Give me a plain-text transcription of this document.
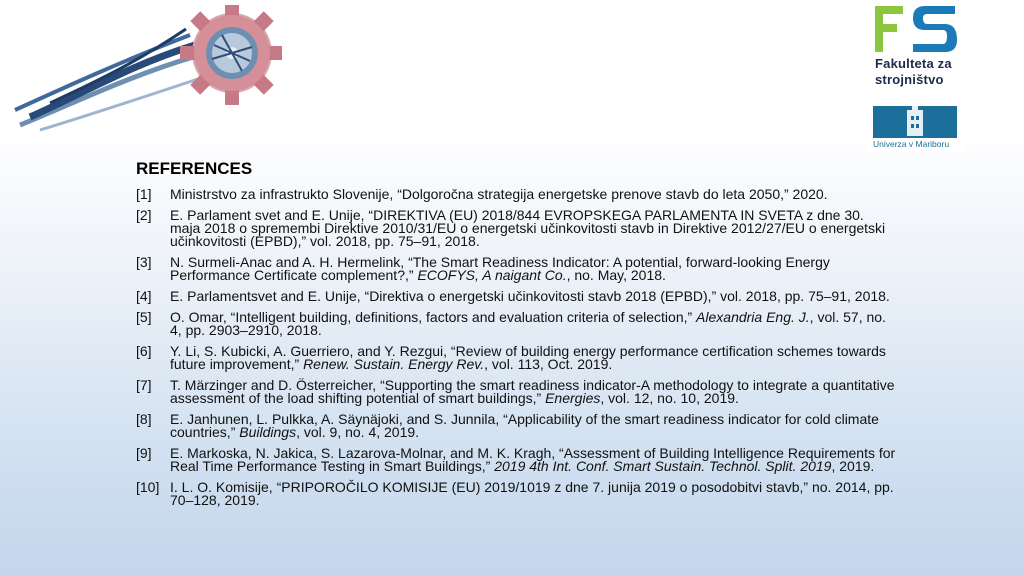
Fakulteta za
strojništvo
Univerza v Mariboru
REFERENCES
[1]	Ministrstvo za infrastrukto Slovenije, “Dolgoročna strategija energetske prenove stavb do leta 2050,” 2020.
[2]	E. Parlament svet and E. Unije, “DIREKTIVA (EU) 2018/844 EVROPSKEGA PARLAMENTA IN SVETA z dne 30. maja 2018 o spremembi Direktive 2010/31/EU o energetski učinkovitosti stavb in Direktive 2012/27/EU o energetski učinkovitosti (EPBD),” vol. 2018, pp. 75–91, 2018.
[3]	N. Surmeli-Anac and A. H. Hermelink, “The Smart Readiness Indicator: A potential, forward-looking Energy Performance Certificate complement?,” ECOFYS, A naigant Co., no. May, 2018.
[4]	E. Parlamentsvet and E. Unije, “Direktiva o energetski učinkovitosti stavb 2018 (EPBD),” vol. 2018, pp. 75–91, 2018.
[5]	O. Omar, “Intelligent building, definitions, factors and evaluation criteria of selection,” Alexandria Eng. J., vol. 57, no. 4, pp. 2903–2910, 2018.
[6]	Y. Li, S. Kubicki, A. Guerriero, and Y. Rezgui, “Review of building energy performance certification schemes towards future improvement,” Renew. Sustain. Energy Rev., vol. 113, Oct. 2019.
[7]	T. Märzinger and D. Österreicher, “Supporting the smart readiness indicator-A methodology to integrate a quantitative assessment of the load shifting potential of smart buildings,” Energies, vol. 12, no. 10, 2019.
[8]	E. Janhunen, L. Pulkka, A. Säynäjoki, and S. Junnila, “Applicability of the smart readiness indicator for cold climate countries,” Buildings, vol. 9, no. 4, 2019.
[9]	E. Markoska, N. Jakica, S. Lazarova-Molnar, and M. K. Kragh, “Assessment of Building Intelligence Requirements for Real Time Performance Testing in Smart Buildings,” 2019 4th Int. Conf. Smart Sustain. Technol. Split. 2019, 2019.
[10] I. L. O. Komisije, “PRIPOROČILO KOMISIJE (EU) 2019/1019 z dne 7. junija 2019 o posodobitvi stavb,” no. 2014, pp. 70–128, 2019.
